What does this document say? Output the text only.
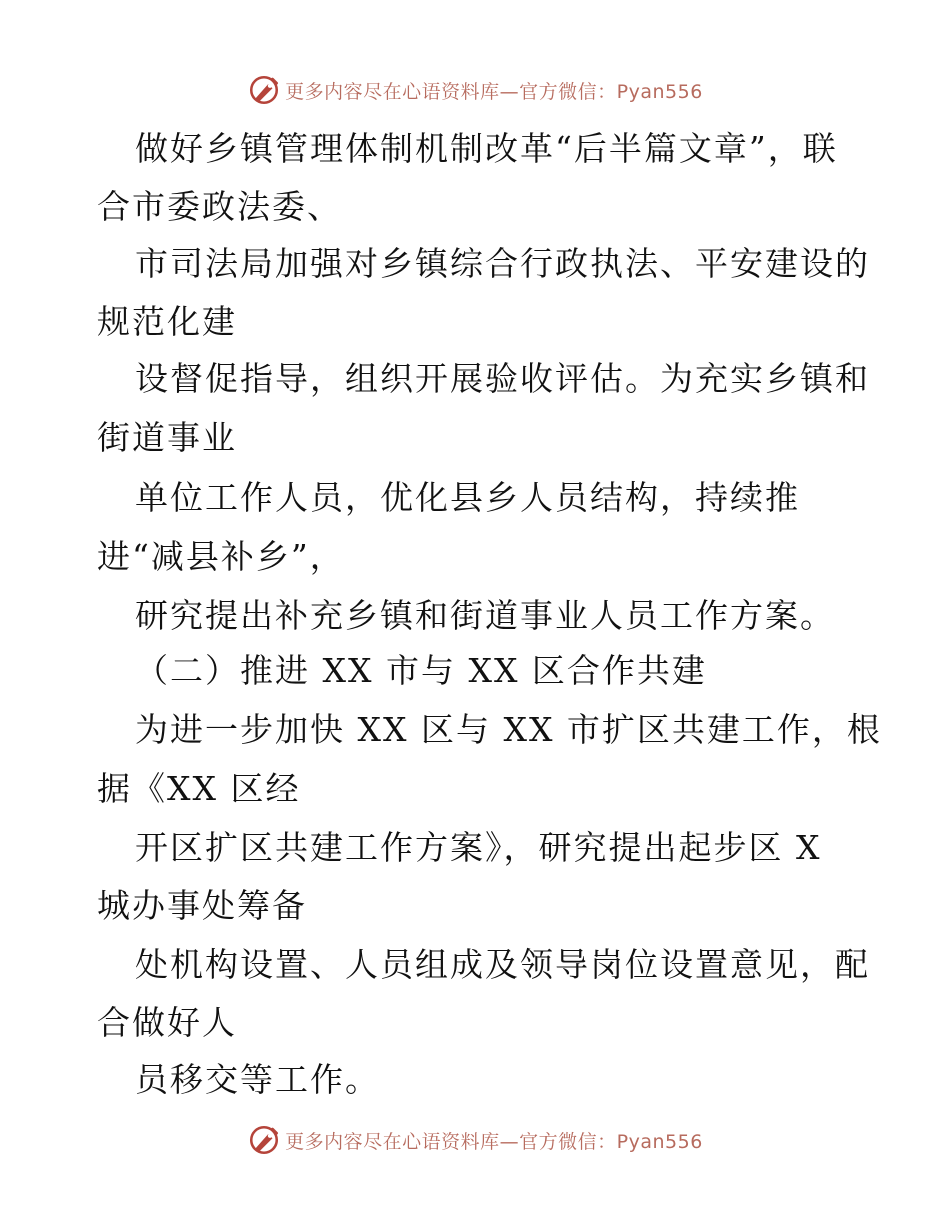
更多内容尽在心语资料库—官方微信：Pyan556
做好乡镇管理体制机制改革“后半篇文章”，联
合市委政法委、
市司法局加强对乡镇综合行政执法、平安建设的
规范化建
设督促指导，组织开展验收评估。为充实乡镇和
街道事业
单位工作人员，优化县乡人员结构，持续推
进“减县补乡”，
研究提出补充乡镇和街道事业人员工作方案。
（二）推进 XX 市与 XX 区合作共建
为进一步加快 XX 区与 XX 市扩区共建工作，根
据《XX 区经
开区扩区共建工作方案》，研究提出起步区 X
城办事处筹备
处机构设置、人员组成及领导岗位设置意见，配
合做好人
员移交等工作。
更多内容尽在心语资料库—官方微信：Pyan556
